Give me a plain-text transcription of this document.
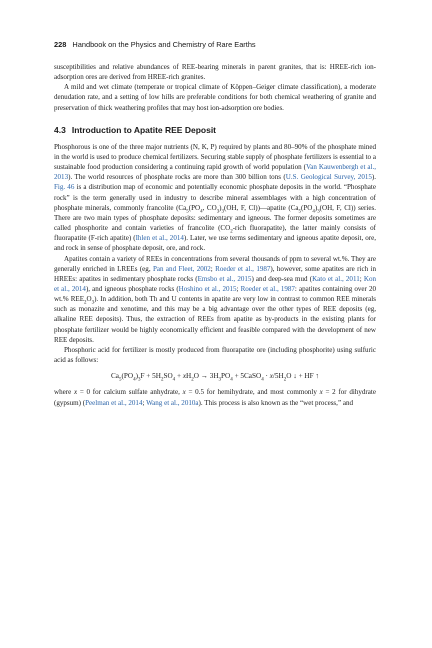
228 Handbook on the Physics and Chemistry of Rare Earths

susceptibilities and relative abundances of REE-bearing minerals in parent granites, that is: HREE-rich ion-adsorption ores are derived from HREE-rich granites.

A mild and wet climate (temperate or tropical climate of Köppen–Geiger climate classification), a moderate denudation rate, and a setting of low hills are preferable conditions for both chemical weathering of granite and preservation of thick weathering profiles that may host ion-adsorption ore bodies.

4.3 Introduction to Apatite REE Deposit

Phosphorous is one of the three major nutrients (N, K, P) required by plants and 80–90% of the phosphate mined in the world is used to produce chemical fertilizers. Securing stable supply of phosphate fertilizers is essential to a sustainable food production considering a continuing rapid growth of world population (Van Kauwenbergh et al., 2013). The world resources of phosphate rocks are more than 300 billion tons (U.S. Geological Survey, 2015). Fig. 46 is a distribution map of economic and potentially economic phosphate deposits in the world. “Phosphate rock” is the term generally used in industry to describe mineral assemblages with a high concentration of phosphate minerals, commonly francolite ($Ca_5(PO_4$, $CO_3)_3(OH$, F, Cl))—apatite ($Ca_5(PO_4)_3(OH$, F, Cl)) series. There are two main types of phosphate deposits: sedimentary and igneous. The former deposits sometimes are called phosphorite and contain varieties of francolite ($CO_2$-rich fluorapatite), the latter mainly consists of fluorapatite (F-rich apatite) (Ihlen et al., 2014). Later, we use terms sedimentary and igneous apatite deposit, ore, and rock in sense of phosphate deposit, ore, and rock.

Apatites contain a variety of REEs in concentrations from several thousands of ppm to several wt.%. They are generally enriched in LREEs (eg, Pan and Fleet, 2002; Roeder et al., 1987), however, some apatites are rich in HREEs: apatites in sedimentary phosphate rocks (Emsbo et al., 2015) and deep-sea mud (Kato et al., 2011; Kon et al., 2014), and igneous phosphate rocks (Hoshino et al., 2015; Roeder et al., 1987: apatites containing over 20 wt.% $REE_2O_3$). In addition, both Th and U contents in apatite are very low in contrast to common REE minerals such as monazite and xenotime, and this may be a big advantage over the other types of REE deposits (eg, alkaline REE deposits). Thus, the extraction of REEs from apatite as by-products in the existing plants for phosphate fertilizer would be highly economically efficient and feasible compared with the development of new REE deposits.

Phosphoric acid for fertilizer is mostly produced from fluorapatite ore (including phosphorite) using sulfuric acid as follows:

$Ca_5(PO_4)_3F + 5H_2SO_4 + xH_2O \to 3H_3PO_4$ + 5CaSO$_4$ · $x/5H_2O$ ↓ + HF ↑

where x = 0 for calcium sulfate anhydrate, x = 0.5 for hemihydrate, and most commonly x = 2 for dihydrate (gypsum) (Peelman et al., 2014; Wang et al., 2010a). This process is also known as the “wet process,” and
